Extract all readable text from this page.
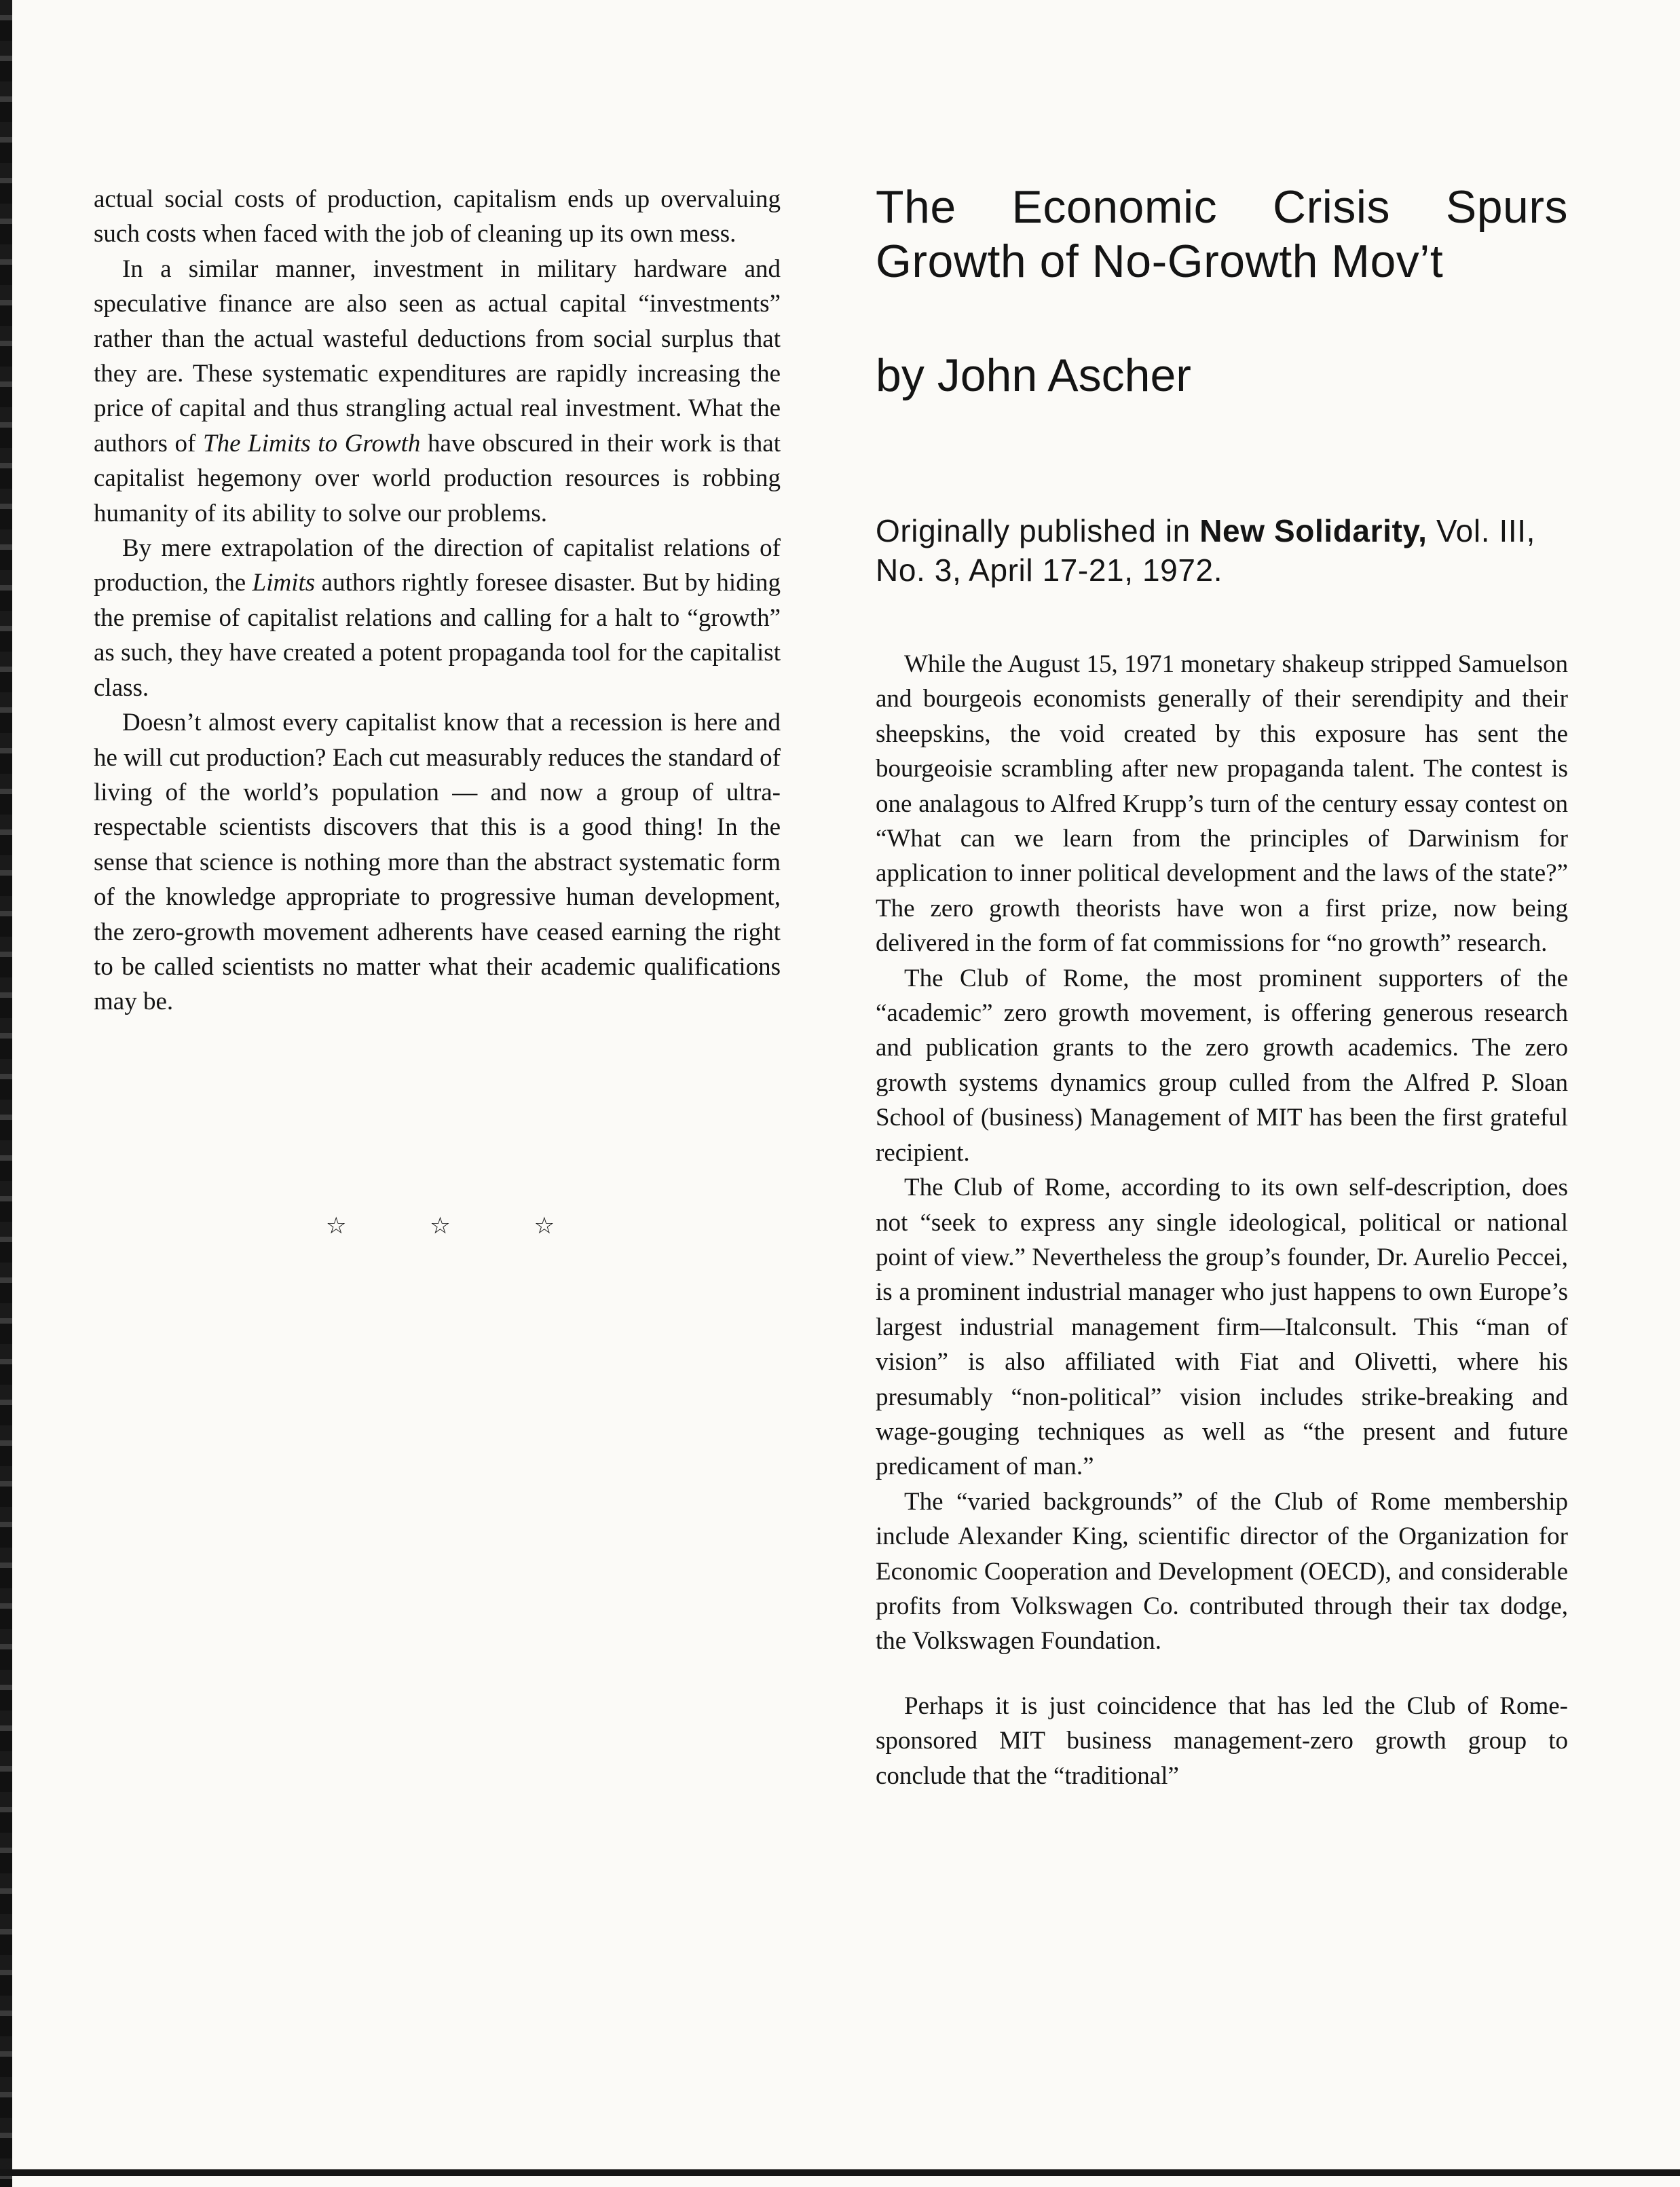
actual social costs of production, capitalism ends up overvaluing such costs when faced with the job of cleaning up its own mess.

In a similar manner, investment in military hardware and speculative finance are also seen as actual capital “investments” rather than the actual wasteful deductions from social surplus that they are. These systematic expenditures are rapidly increasing the price of capital and thus strangling actual real investment. What the authors of The Limits to Growth have obscured in their work is that capitalist hegemony over world production resources is robbing humanity of its ability to solve our problems.

By mere extrapolation of the direction of capitalist relations of production, the Limits authors rightly foresee disaster. But by hiding the premise of capitalist relations and calling for a halt to “growth” as such, they have created a potent propaganda tool for the capitalist class.

Doesn’t almost every capitalist know that a recession is here and he will cut production? Each cut measurably reduces the standard of living of the world’s population — and now a group of ultra-respectable scientists discovers that this is a good thing! In the sense that science is nothing more than the abstract systematic form of the knowledge appropriate to progressive human development, the zero-growth movement adherents have ceased earning the right to be called scientists no matter what their academic qualifications may be.

☆ ☆ ☆
The Economic Crisis Spurs Growth of No-Growth Mov’t
by John Ascher
Originally published in New Solidarity, Vol. III, No. 3, April 17-21, 1972.

While the August 15, 1971 monetary shakeup stripped Samuelson and bourgeois economists generally of their serendipity and their sheepskins, the void created by this exposure has sent the bourgeoisie scrambling after new propaganda talent. The contest is one analagous to Alfred Krupp’s turn of the century essay contest on “What can we learn from the principles of Darwinism for application to inner political development and the laws of the state?” The zero growth theorists have won a first prize, now being delivered in the form of fat commissions for “no growth” research.

The Club of Rome, the most prominent supporters of the “academic” zero growth movement, is offering generous research and publication grants to the zero growth academics. The zero growth systems dynamics group culled from the Alfred P. Sloan School of (business) Management of MIT has been the first grateful recipient.

The Club of Rome, according to its own self-description, does not “seek to express any single ideological, political or national point of view.” Nevertheless the group’s founder, Dr. Aurelio Peccei, is a prominent industrial manager who just happens to own Europe’s largest industrial management firm—Italconsult. This “man of vision” is also affiliated with Fiat and Olivetti, where his presumably “non-political” vision includes strike-breaking and wage-gouging techniques as well as “the present and future predicament of man.”

The “varied backgrounds” of the Club of Rome membership include Alexander King, scientific director of the Organization for Economic Cooperation and Development (OECD), and considerable profits from Volkswagen Co. contributed through their tax dodge, the Volkswagen Foundation.

Perhaps it is just coincidence that has led the Club of Rome-sponsored MIT business management-zero growth group to conclude that the “traditional”
